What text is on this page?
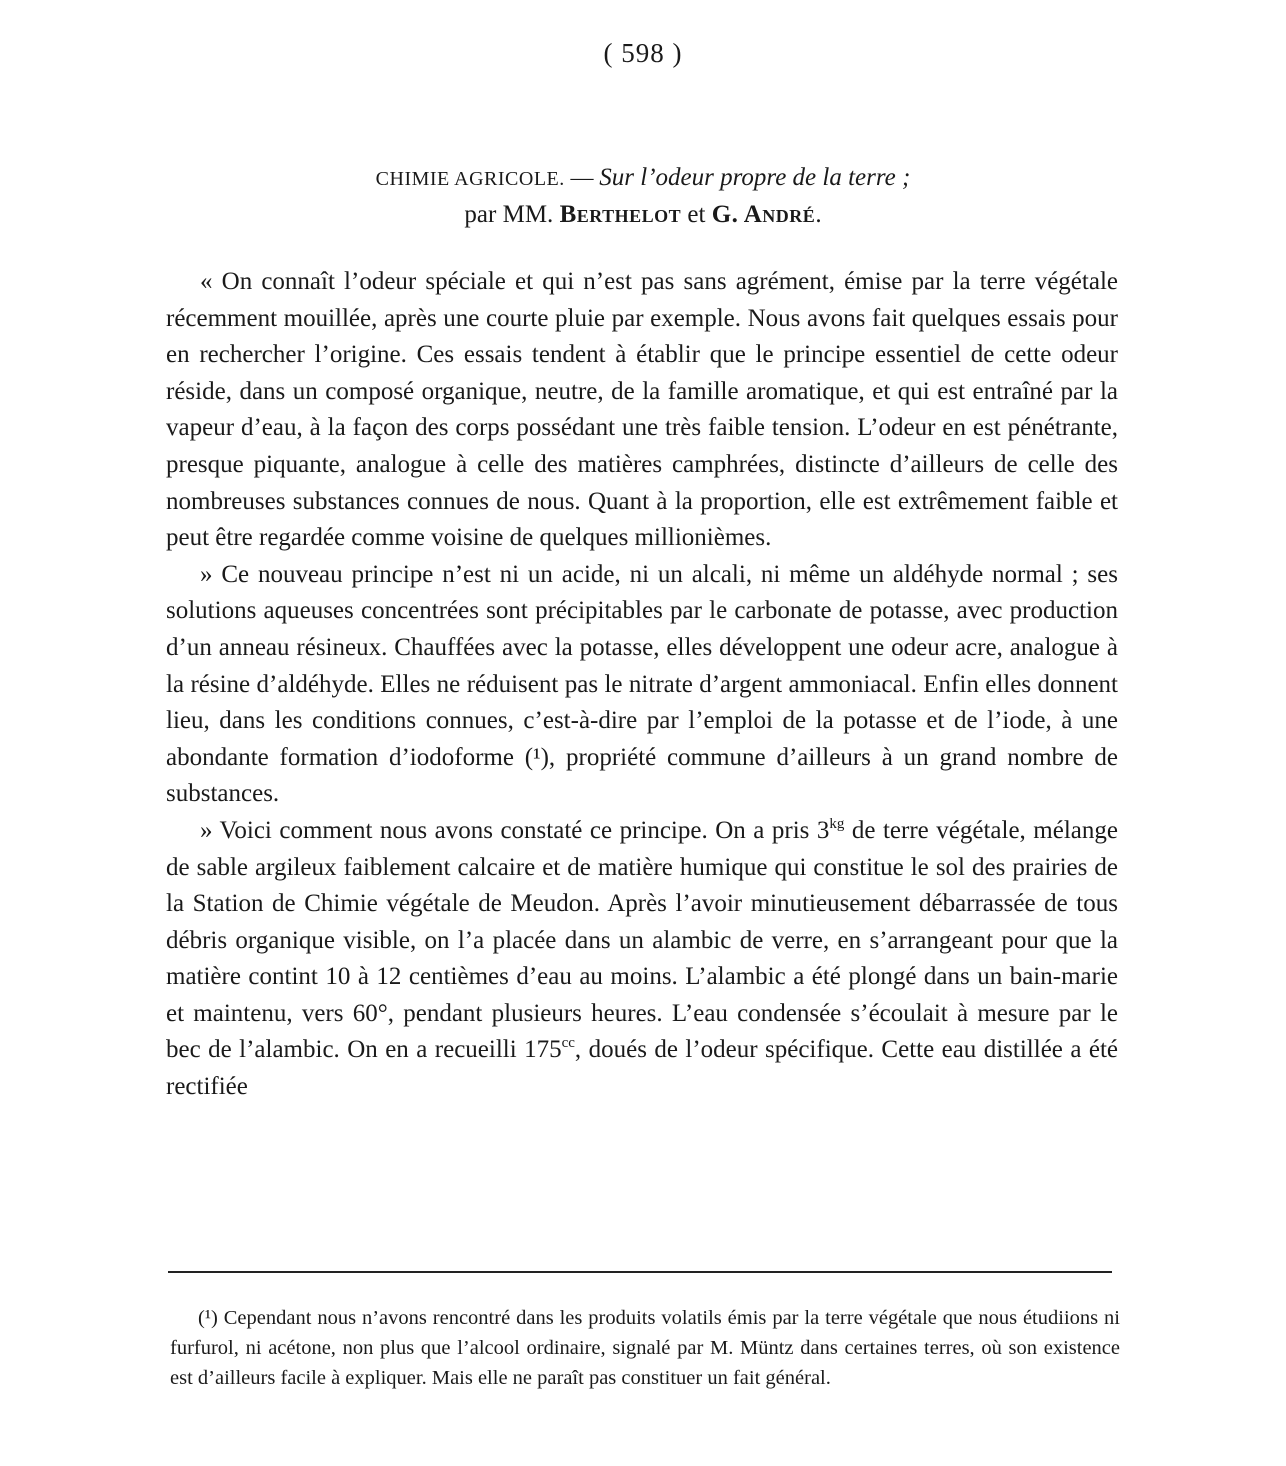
( 598 )
CHIMIE AGRICOLE. — Sur l’odeur propre de la terre ;
par MM. Berthelot et G. André.

« On connaît l’odeur spéciale et qui n’est pas sans agrément, émise par la terre végétale récemment mouillée, après une courte pluie par exemple. Nous avons fait quelques essais pour en rechercher l’origine. Ces essais tendent à établir que le principe essentiel de cette odeur réside, dans un composé organique, neutre, de la famille aromatique, et qui est entraîné par la vapeur d’eau, à la façon des corps possédant une très faible tension. L’odeur en est pénétrante, presque piquante, analogue à celle des matières camphrées, distincte d’ailleurs de celle des nombreuses substances connues de nous. Quant à la proportion, elle est extrêmement faible et peut être regardée comme voisine de quelques millionièmes.

» Ce nouveau principe n’est ni un acide, ni un alcali, ni même un aldéhyde normal ; ses solutions aqueuses concentrées sont précipitables par le carbonate de potasse, avec production d’un anneau résineux. Chauffées avec la potasse, elles développent une odeur acre, analogue à la résine d’aldéhyde. Elles ne réduisent pas le nitrate d’argent ammoniacal. Enfin elles donnent lieu, dans les conditions connues, c’est-à-dire par l’emploi de la potasse et de l’iode, à une abondante formation d’iodoforme (¹), propriété commune d’ailleurs à un grand nombre de substances.

» Voici comment nous avons constaté ce principe. On a pris $3^{kg}$ de terre végétale, mélange de sable argileux faiblement calcaire et de matière humique qui constitue le sol des prairies de la Station de Chimie végétale de Meudon. Après l’avoir minutieusement débarrassée de tous débris organique visible, on l’a placée dans un alambic de verre, en s’arrangeant pour que la matière contint 10 à 12 centièmes d’eau au moins. L’alambic a été plongé dans un bain-marie et maintenu, vers 60°, pendant plusieurs heures. L’eau condensée s’écoulait à mesure par le bec de l’alambic. On en a recueilli $175^{cc}$, doués de l’odeur spécifique. Cette eau distillée a été rectifiée

(¹) Cependant nous n’avons rencontré dans les produits volatils émis par la terre végétale que nous étudiions ni furfurol, ni acétone, non plus que l’alcool ordinaire, signalé par M. Müntz dans certaines terres, où son existence est d’ailleurs facile à expliquer. Mais elle ne paraît pas constituer un fait général.
